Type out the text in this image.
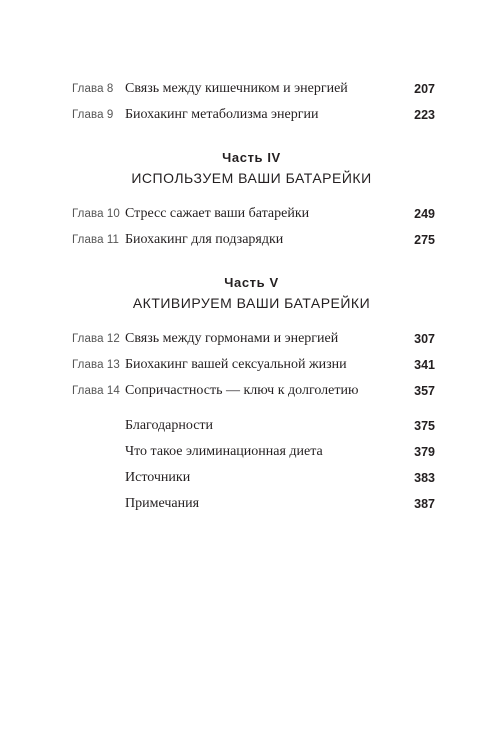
Глава 8 Связь между кишечником и энергией	207
Глава 9 Биохакинг метаболизма энергии	223
Часть IV
ИСПОЛЬЗУЕМ ВАШИ БАТАРЕЙКИ
Глава 10 Стресс сажает ваши батарейки	249
Глава 11 Биохакинг для подзарядки	275
Часть V
АКТИВИРУЕМ ВАШИ БАТАРЕЙКИ
Глава 12 Связь между гормонами и энергией	307
Глава 13 Биохакинг вашей сексуальной жизни	341
Глава 14 Сопричастность — ключ к долголетию	357
Благодарности	375
Что такое элиминационная диета	379
Источники	383
Примечания	387
